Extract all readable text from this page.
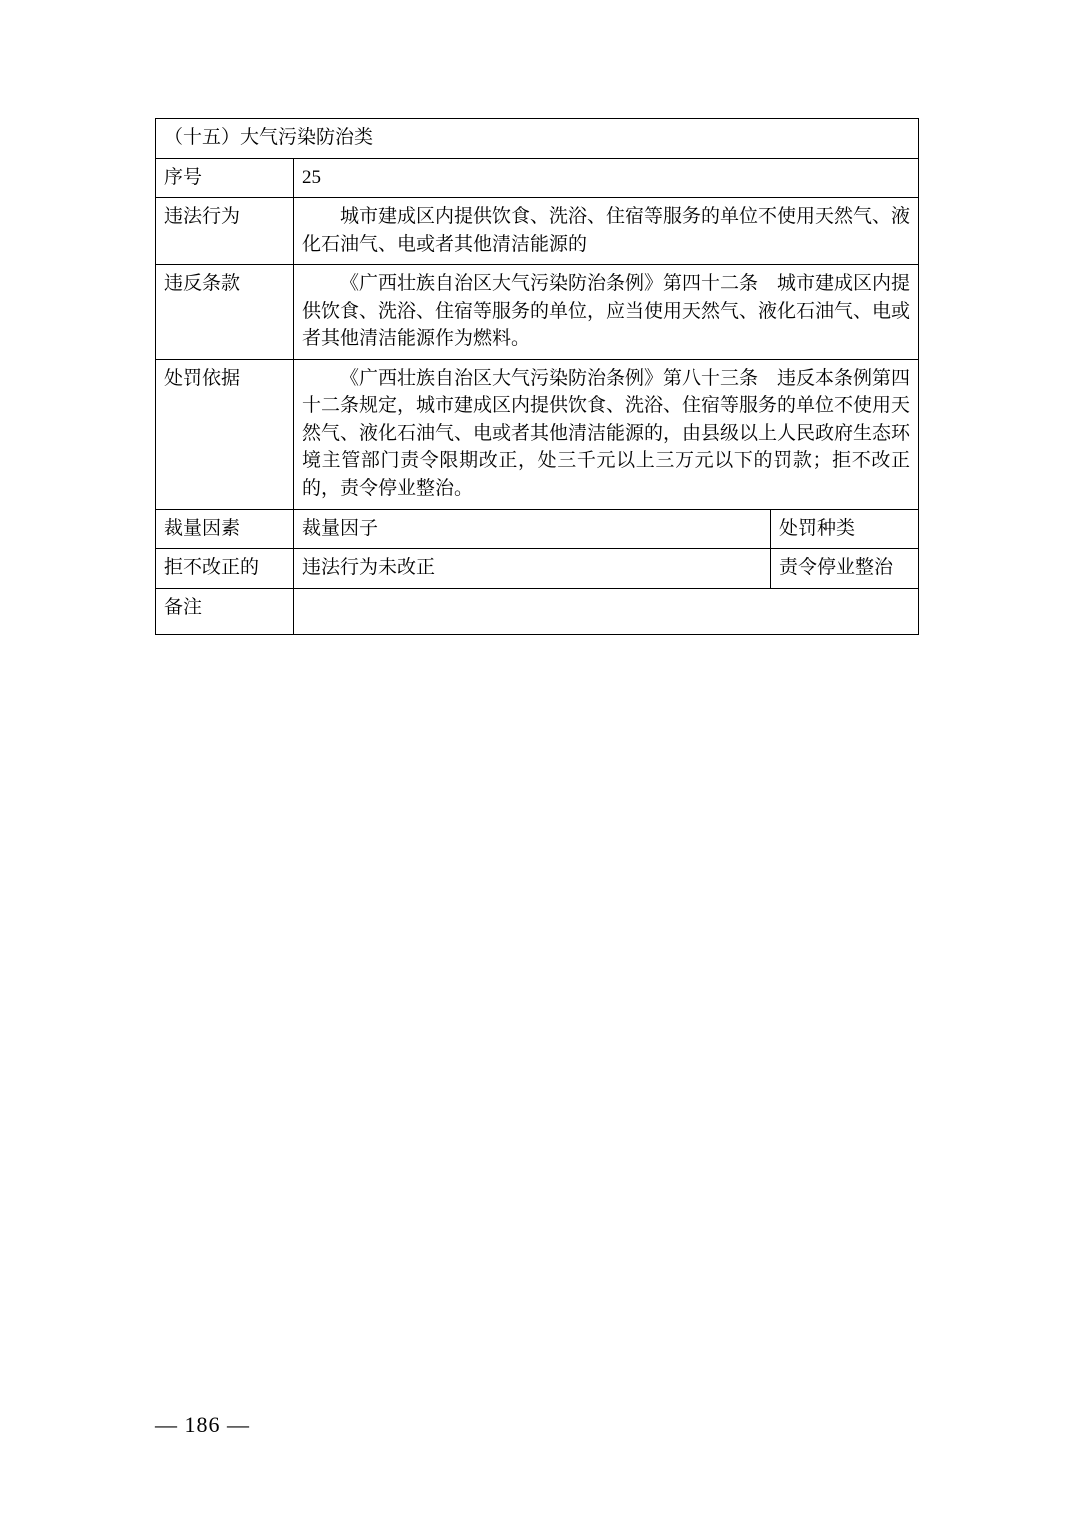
（十五）大气污染防治类		
序号	25	
违法行为	城市建成区内提供饮食、洗浴、住宿等服务的单位不使用天然气、液化石油气、电或者其他清洁能源的	
违反条款	《广西壮族自治区大气污染防治条例》第四十二条　城市建成区内提供饮食、洗浴、住宿等服务的单位，应当使用天然气、液化石油气、电或者其他清洁能源作为燃料。	
处罚依据	《广西壮族自治区大气污染防治条例》第八十三条　违反本条例第四十二条规定，城市建成区内提供饮食、洗浴、住宿等服务的单位不使用天然气、液化石油气、电或者其他清洁能源的，由县级以上人民政府生态环境主管部门责令限期改正，处三千元以上三万元以下的罚款；拒不改正的，责令停业整治。	
裁量因素	裁量因子	处罚种类
拒不改正的	违法行为未改正	责令停业整治
备注		
— 186 —
